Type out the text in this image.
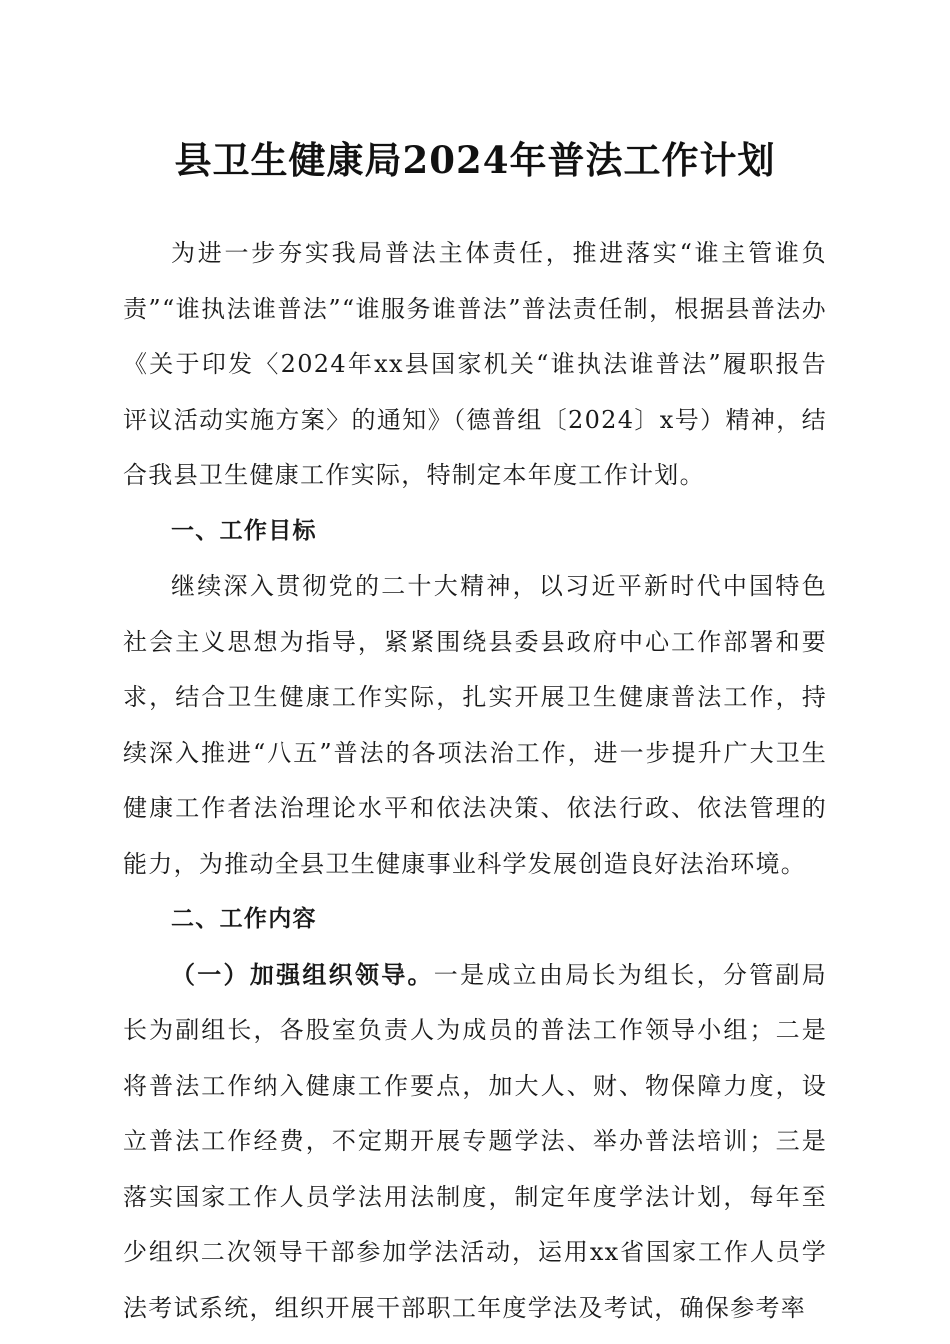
县卫生健康局2024年普法工作计划

为进一步夯实我局普法主体责任，推进落实“谁主管谁负责”“谁执法谁普法”“谁服务谁普法”普法责任制，根据县普法办《关于印发〈2024年xx县国家机关“谁执法谁普法”履职报告评议活动实施方案〉的通知》（德普组〔2024〕x号）精神，结合我县卫生健康工作实际，特制定本年度工作计划。

一、工作目标

继续深入贯彻党的二十大精神，以习近平新时代中国特色社会主义思想为指导，紧紧围绕县委县政府中心工作部署和要求，结合卫生健康工作实际，扎实开展卫生健康普法工作，持续深入推进“八五”普法的各项法治工作，进一步提升广大卫生健康工作者法治理论水平和依法决策、依法行政、依法管理的能力，为推动全县卫生健康事业科学发展创造良好法治环境。

二、工作内容

（一）加强组织领导。一是成立由局长为组长，分管副局长为副组长，各股室负责人为成员的普法工作领导小组；二是将普法工作纳入健康工作要点，加大人、财、物保障力度，设立普法工作经费，不定期开展专题学法、举办普法培训；三是落实国家工作人员学法用法制度，制定年度学法计划，每年至少组织二次领导干部参加学法活动，运用xx省国家工作人员学法考试系统，组织开展干部职工年度学法及考试，确保参考率
